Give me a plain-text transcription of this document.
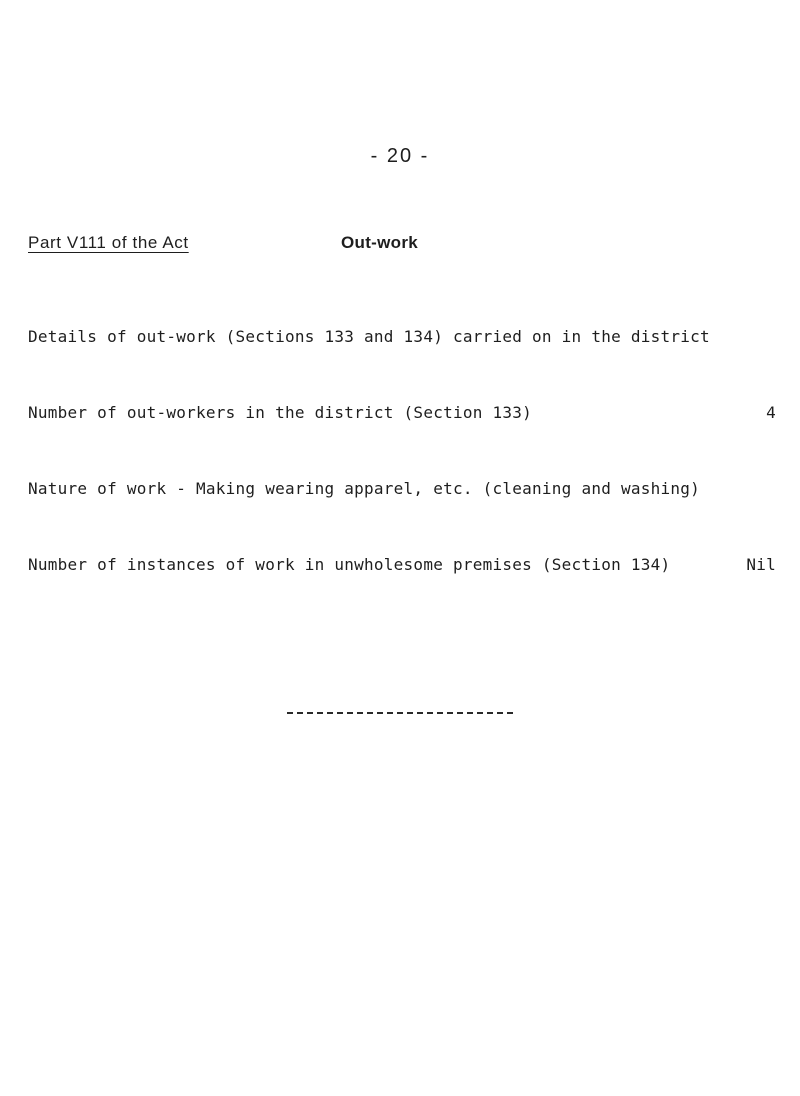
- 20 -
Part V111 of the Act	Out-work
Details of out-work (Sections 133 and 134) carried on in the district
Number of out-workers in the district (Section 133)	4
Nature of work - Making wearing apparel, etc. (cleaning and washing)
Number of instances of work in unwholesome premises (Section 134)	Nil
